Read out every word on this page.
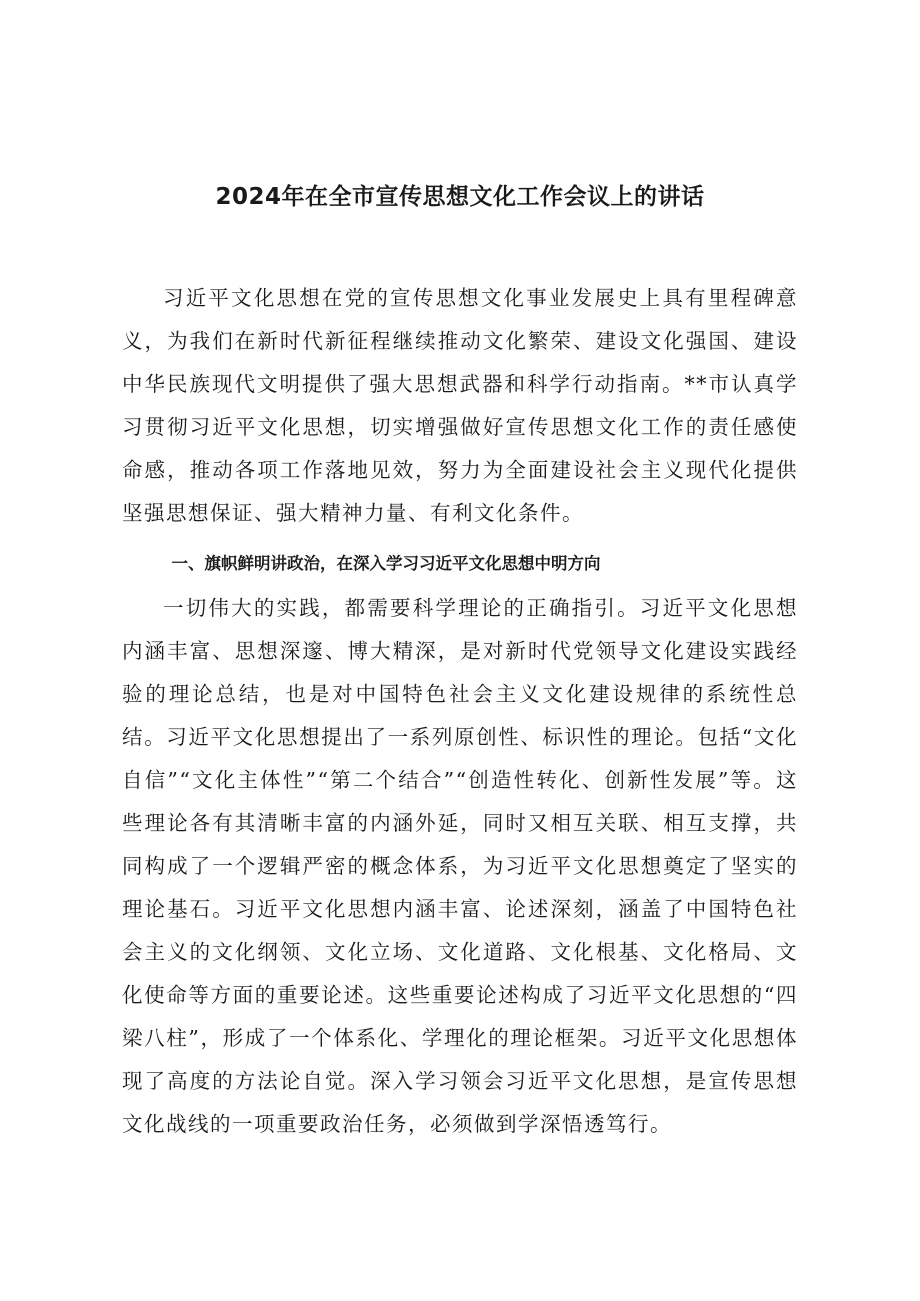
2024年在全市宣传思想文化工作会议上的讲话

习近平文化思想在党的宣传思想文化事业发展史上具有里程碑意义，为我们在新时代新征程继续推动文化繁荣、建设文化强国、建设中华民族现代文明提供了强大思想武器和科学行动指南。**市认真学习贯彻习近平文化思想，切实增强做好宣传思想文化工作的责任感使命感，推动各项工作落地见效，努力为全面建设社会主义现代化提供坚强思想保证、强大精神力量、有利文化条件。

一、旗帜鲜明讲政治，在深入学习习近平文化思想中明方向

一切伟大的实践，都需要科学理论的正确指引。习近平文化思想内涵丰富、思想深邃、博大精深，是对新时代党领导文化建设实践经验的理论总结，也是对中国特色社会主义文化建设规律的系统性总结。习近平文化思想提出了一系列原创性、标识性的理论。包括“文化自信”“文化主体性”“第二个结合”“创造性转化、创新性发展”等。这些理论各有其清晰丰富的内涵外延，同时又相互关联、相互支撑，共同构成了一个逻辑严密的概念体系，为习近平文化思想奠定了坚实的理论基石。习近平文化思想内涵丰富、论述深刻，涵盖了中国特色社会主义的文化纲领、文化立场、文化道路、文化根基、文化格局、文化使命等方面的重要论述。这些重要论述构成了习近平文化思想的“四梁八柱”，形成了一个体系化、学理化的理论框架。习近平文化思想体现了高度的方法论自觉。深入学习领会习近平文化思想，是宣传思想文化战线的一项重要政治任务，必须做到学深悟透笃行。
